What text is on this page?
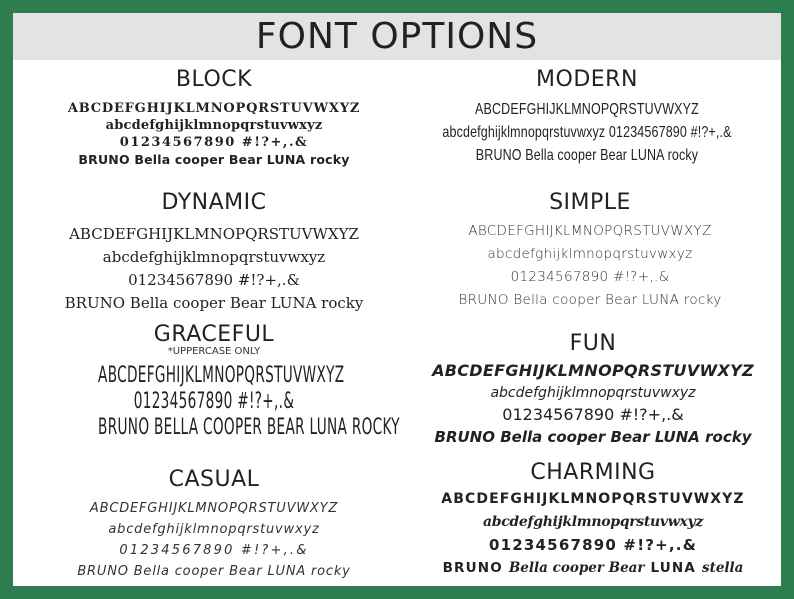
FONT OPTIONS
BLOCK
ABCDEFGHIJKLMNOPQRSTUVWXYZ
abcdefghijklmnopqrstuvwxyz
01234567890 #!?+,.&
BRUNO Bella cooper Bear LUNA rocky
MODERN
ABCDEFGHIJKLMNOPQRSTUVWXYZ
abcdefghijklmnopqrstuvwxyz 01234567890 #!?+,.&
BRUNO Bella cooper Bear LUNA rocky
DYNAMIC
ABCDEFGHIJKLMNOPQRSTUVWXYZ
abcdefghijklmnopqrstuvwxyz
01234567890 #!?+,.&
BRUNO Bella cooper Bear LUNA rocky
SIMPLE
ABCDEFGHIJKLMNOPQRSTUVWXYZ
abcdefghijklmnopqrstuvwxyz
01234567890 #!?+,.&
BRUNO Bella cooper Bear LUNA rocky
GRACEFUL
*UPPERCASE ONLY
ABCDEFGHIJKLMNOPQRSTUVWXYZ
01234567890 #!?+,.&
BRUNO BELLA COOPER BEAR LUNA ROCKY
FUN
ABCDEFGHIJKLMNOPQRSTUVWXYZ
abcdefghijklmnopqrstuvwxyz
01234567890 #!?+,.&
BRUNO Bella cooper Bear LUNA rocky
CASUAL
ABCDEFGHIJKLMNOPQRSTUVWXYZ
abcdefghijklmnopqrstuvwxyz
01234567890 #!?+,.&
BRUNO Bella cooper Bear LUNA rocky
CHARMING
ABCDEFGHIJKLMNOPQRSTUVWXYZ
abcdefghijklmnopqrstuvwxyz
01234567890 #!?+,.&
BRUNO Bella cooper Bear LUNA stella
